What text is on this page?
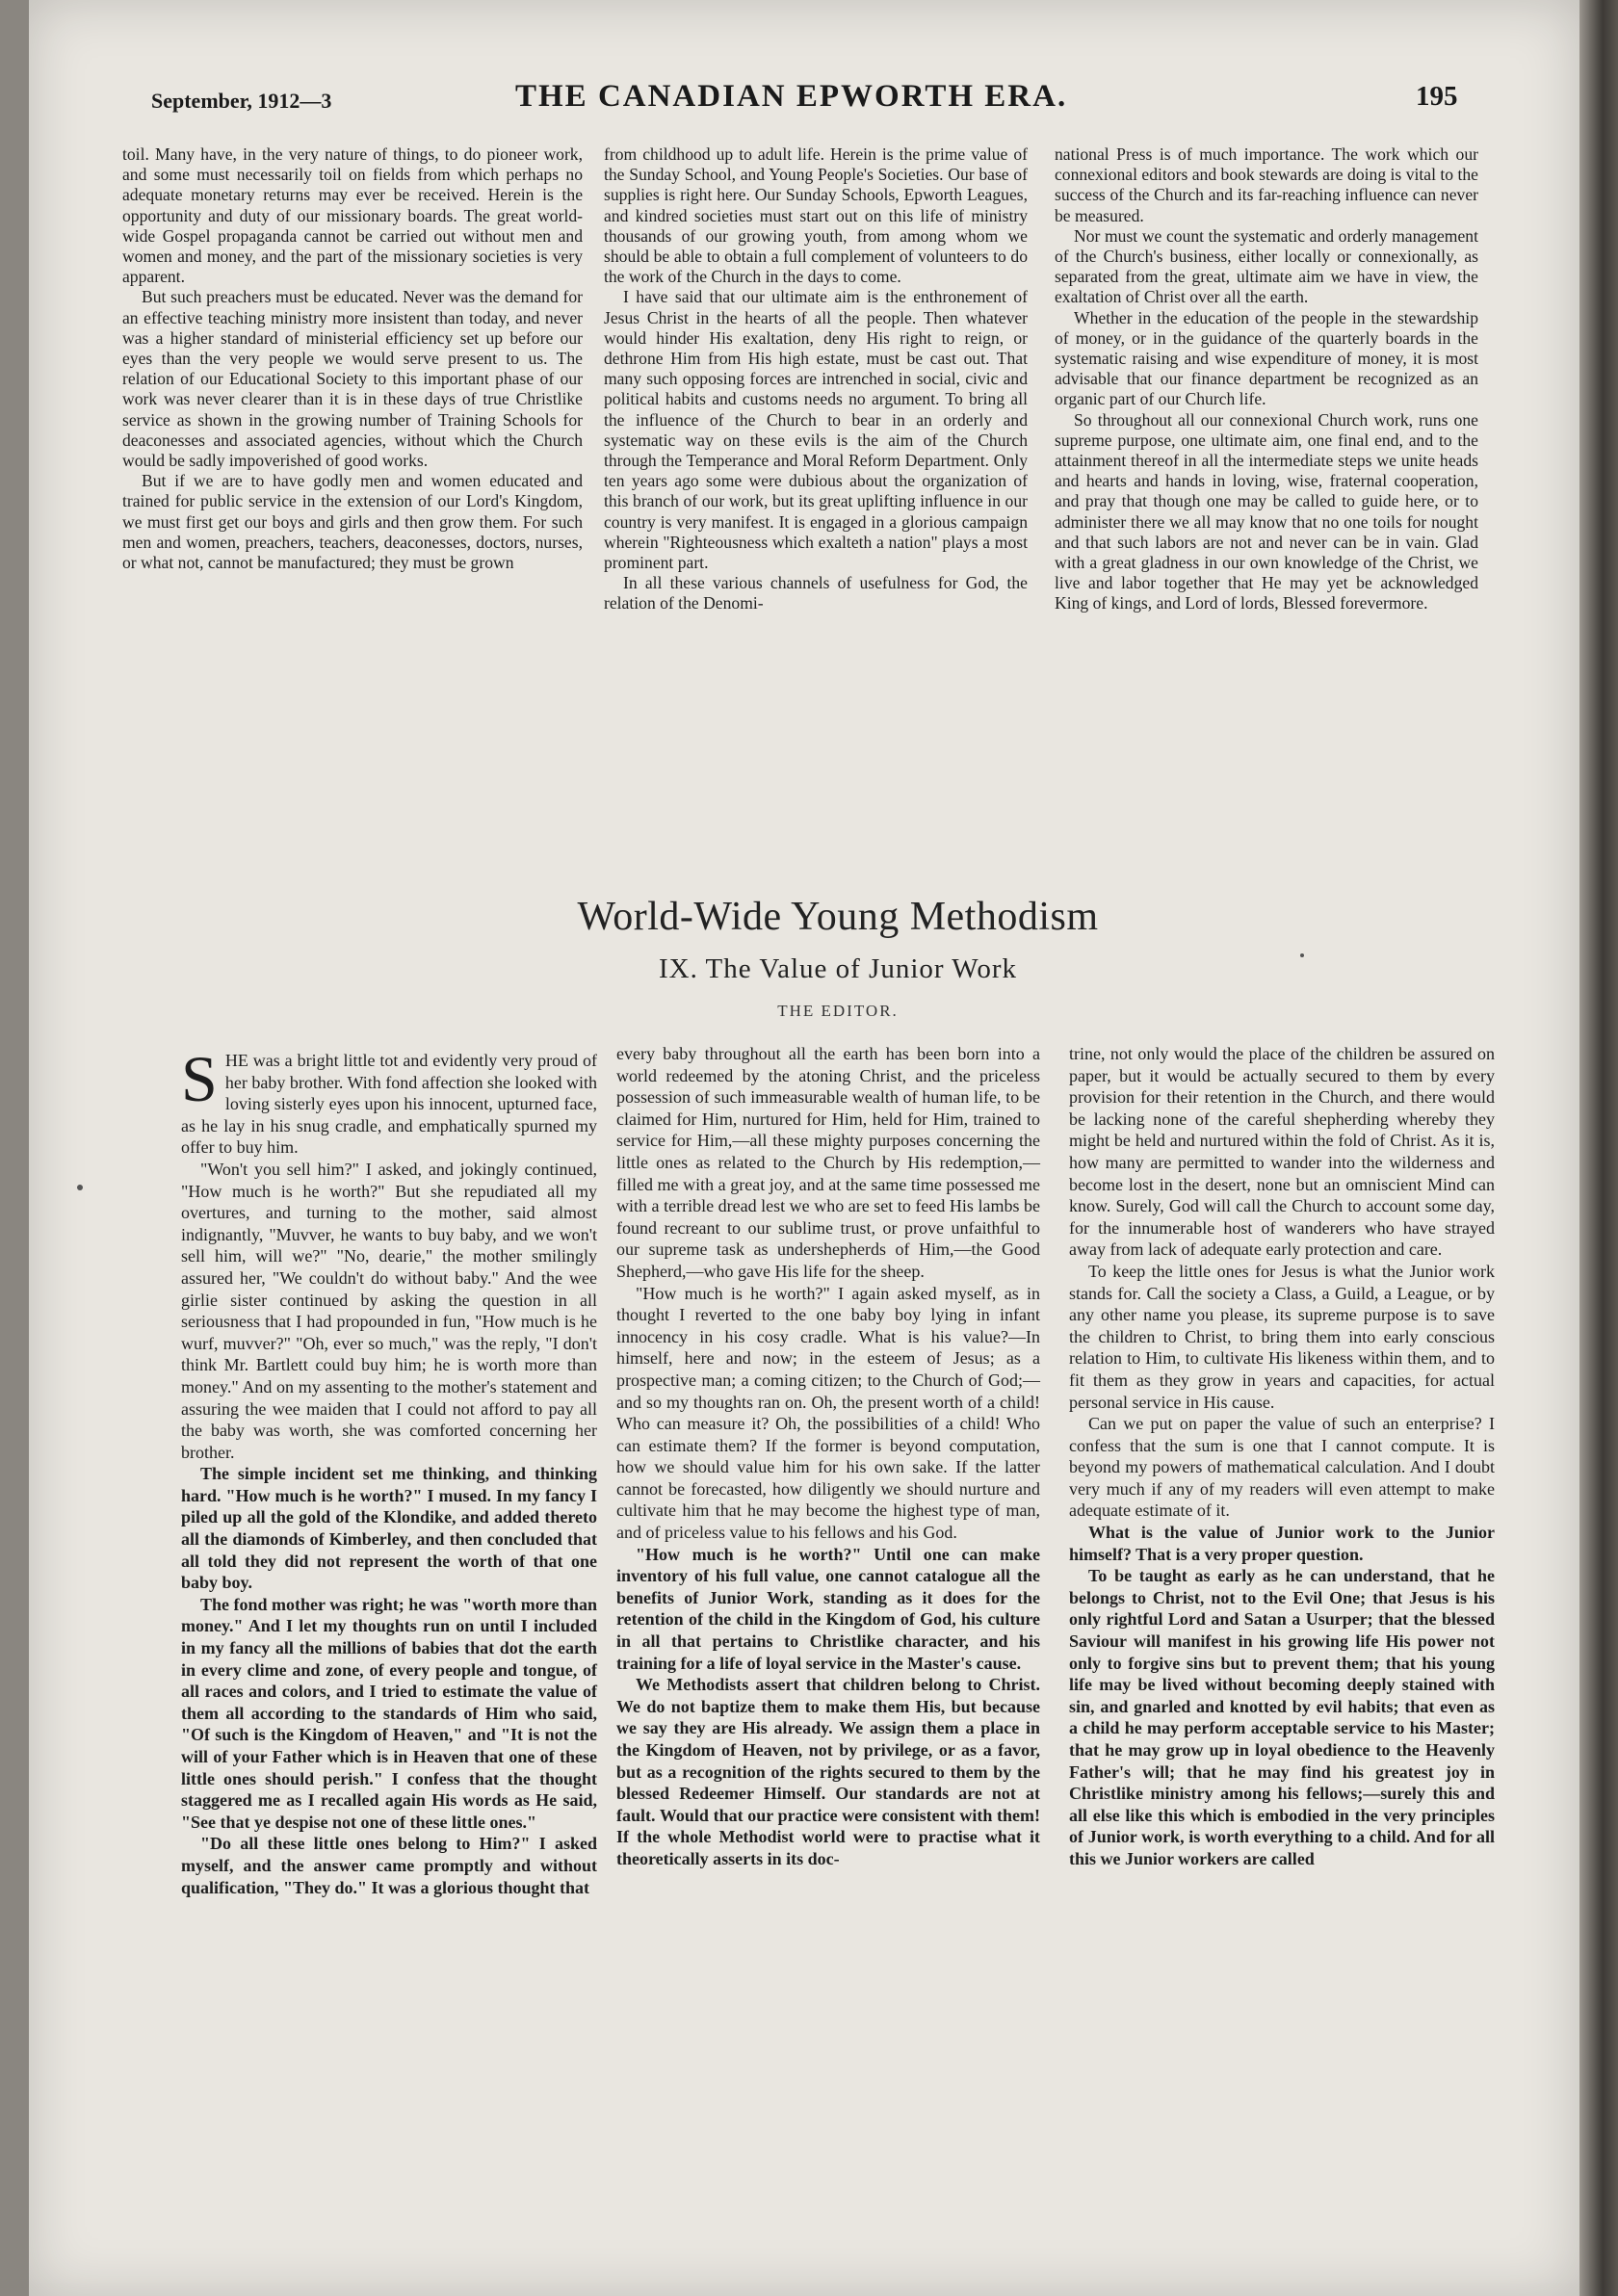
September, 1912—3	THE CANADIAN EPWORTH ERA.	195

toil. Many have, in the very nature of things, to do pioneer work, and some must necessarily toil on fields from which perhaps no adequate monetary returns may ever be received. Herein is the opportunity and duty of our missionary boards. The great world-wide Gospel propaganda cannot be carried out without men and women and money, and the part of the missionary societies is very apparent.

But such preachers must be educated. Never was the demand for an effective teaching ministry more insistent than today, and never was a higher standard of ministerial efficiency set up before our eyes than the very people we would serve present to us. The relation of our Educational Society to this important phase of our work was never clearer than it is in these days of true Christlike service as shown in the growing number of Training Schools for deaconesses and associated agencies, without which the Church would be sadly impoverished of good works.

But if we are to have godly men and women educated and trained for public service in the extension of our Lord's Kingdom, we must first get our boys and girls and then grow them. For such men and women, preachers, teachers, deaconesses, doctors, nurses, or what not, cannot be manufactured; they must be grown

from childhood up to adult life. Herein is the prime value of the Sunday School, and Young People's Societies. Our base of supplies is right here. Our Sunday Schools, Epworth Leagues, and kindred societies must start out on this life of ministry thousands of our growing youth, from among whom we should be able to obtain a full complement of volunteers to do the work of the Church in the days to come.

I have said that our ultimate aim is the enthronement of Jesus Christ in the hearts of all the people. Then whatever would hinder His exaltation, deny His right to reign, or dethrone Him from His high estate, must be cast out. That many such opposing forces are intrenched in social, civic and political habits and customs needs no argument. To bring all the influence of the Church to bear in an orderly and systematic way on these evils is the aim of the Church through the Temperance and Moral Reform Department. Only ten years ago some were dubious about the organization of this branch of our work, but its great uplifting influence in our country is very manifest. It is engaged in a glorious campaign wherein "Righteousness which exalteth a nation" plays a most prominent part.

In all these various channels of usefulness for God, the relation of the Denomi-

national Press is of much importance. The work which our connexional editors and book stewards are doing is vital to the success of the Church and its far-reaching influence can never be measured.

Nor must we count the systematic and orderly management of the Church's business, either locally or connexionally, as separated from the great, ultimate aim we have in view, the exaltation of Christ over all the earth.

Whether in the education of the people in the stewardship of money, or in the guidance of the quarterly boards in the systematic raising and wise expenditure of money, it is most advisable that our finance department be recognized as an organic part of our Church life.

So throughout all our connexional Church work, runs one supreme purpose, one ultimate aim, one final end, and to the attainment thereof in all the intermediate steps we unite heads and hearts and hands in loving, wise, fraternal cooperation, and pray that though one may be called to guide here, or to administer there we all may know that no one toils for nought and that such labors are not and never can be in vain. Glad with a great gladness in our own knowledge of the Christ, we live and labor together that He may yet be acknowledged King of kings, and Lord of lords, Blessed forevermore.

World-Wide Young Methodism
IX. The Value of Junior Work
THE EDITOR.

SHE was a bright little tot and evidently very proud of her baby brother. With fond affection she looked with loving sisterly eyes upon his innocent, upturned face, as he lay in his snug cradle, and emphatically spurned my offer to buy him.

"Won't you sell him?" I asked, and jokingly continued, "How much is he worth?" But she repudiated all my overtures, and turning to the mother, said almost indignantly, "Muvver, he wants to buy baby, and we won't sell him, will we?" "No, dearie," the mother smilingly assured her, "We couldn't do without baby." And the wee girlie sister continued by asking the question in all seriousness that I had propounded in fun, "How much is he wurf, muvver?" "Oh, ever so much," was the reply, "I don't think Mr. Bartlett could buy him; he is worth more than money." And on my assenting to the mother's statement and assuring the wee maiden that I could not afford to pay all the baby was worth, she was comforted concerning her brother.

The simple incident set me thinking, and thinking hard. "How much is he worth?" I mused. In my fancy I piled up all the gold of the Klondike, and added thereto all the diamonds of Kimberley, and then concluded that all told they did not represent the worth of that one baby boy.

The fond mother was right; he was "worth more than money." And I let my thoughts run on until I included in my fancy all the millions of babies that dot the earth in every clime and zone, of every people and tongue, of all races and colors, and I tried to estimate the value of them all according to the standards of Him who said, "Of such is the Kingdom of Heaven," and "It is not the will of your Father which is in Heaven that one of these little ones should perish." I confess that the thought staggered me as I recalled again His words as He said, "See that ye despise not one of these little ones."

"Do all these little ones belong to Him?" I asked myself, and the answer came promptly and without qualification, "They do." It was a glorious thought that

every baby throughout all the earth has been born into a world redeemed by the atoning Christ, and the priceless possession of such immeasurable wealth of human life, to be claimed for Him, nurtured for Him, held for Him, trained to service for Him,—all these mighty purposes concerning the little ones as related to the Church by His redemption,—filled me with a great joy, and at the same time possessed me with a terrible dread lest we who are set to feed His lambs be found recreant to our sublime trust, or prove unfaithful to our supreme task as undershepherds of Him,—the Good Shepherd,—who gave His life for the sheep.

"How much is he worth?" I again asked myself, as in thought I reverted to the one baby boy lying in infant innocency in his cosy cradle. What is his value?—In himself, here and now; in the esteem of Jesus; as a prospective man; a coming citizen; to the Church of God;—and so my thoughts ran on. Oh, the present worth of a child! Who can measure it? Oh, the possibilities of a child! Who can estimate them? If the former is beyond computation, how we should value him for his own sake. If the latter cannot be forecasted, how diligently we should nurture and cultivate him that he may become the highest type of man, and of priceless value to his fellows and his God.

"How much is he worth?" Until one can make inventory of his full value, one cannot catalogue all the benefits of Junior Work, standing as it does for the retention of the child in the Kingdom of God, his culture in all that pertains to Christlike character, and his training for a life of loyal service in the Master's cause.

We Methodists assert that children belong to Christ. We do not baptize them to make them His, but because we say they are His already. We assign them a place in the Kingdom of Heaven, not by privilege, or as a favor, but as a recognition of the rights secured to them by the blessed Redeemer Himself. Our standards are not at fault. Would that our practice were consistent with them! If the whole Methodist world were to practise what it theoretically asserts in its doc-

trine, not only would the place of the children be assured on paper, but it would be actually secured to them by every provision for their retention in the Church, and there would be lacking none of the careful shepherding whereby they might be held and nurtured within the fold of Christ. As it is, how many are permitted to wander into the wilderness and become lost in the desert, none but an omniscient Mind can know. Surely, God will call the Church to account some day, for the innumerable host of wanderers who have strayed away from lack of adequate early protection and care.

To keep the little ones for Jesus is what the Junior work stands for. Call the society a Class, a Guild, a League, or by any other name you please, its supreme purpose is to save the children to Christ, to bring them into early conscious relation to Him, to cultivate His likeness within them, and to fit them as they grow in years and capacities, for actual personal service in His cause.

Can we put on paper the value of such an enterprise? I confess that the sum is one that I cannot compute. It is beyond my powers of mathematical calculation. And I doubt very much if any of my readers will even attempt to make adequate estimate of it.

What is the value of Junior work to the Junior himself? That is a very proper question.

To be taught as early as he can understand, that he belongs to Christ, not to the Evil One; that Jesus is his only rightful Lord and Satan a Usurper; that the blessed Saviour will manifest in his growing life His power not only to forgive sins but to prevent them; that his young life may be lived without becoming deeply stained with sin, and gnarled and knotted by evil habits; that even as a child he may perform acceptable service to his Master; that he may grow up in loyal obedience to the Heavenly Father's will; that he may find his greatest joy in Christlike ministry among his fellows;—surely this and all else like this which is embodied in the very principles of Junior work, is worth everything to a child. And for all this we Junior workers are called
